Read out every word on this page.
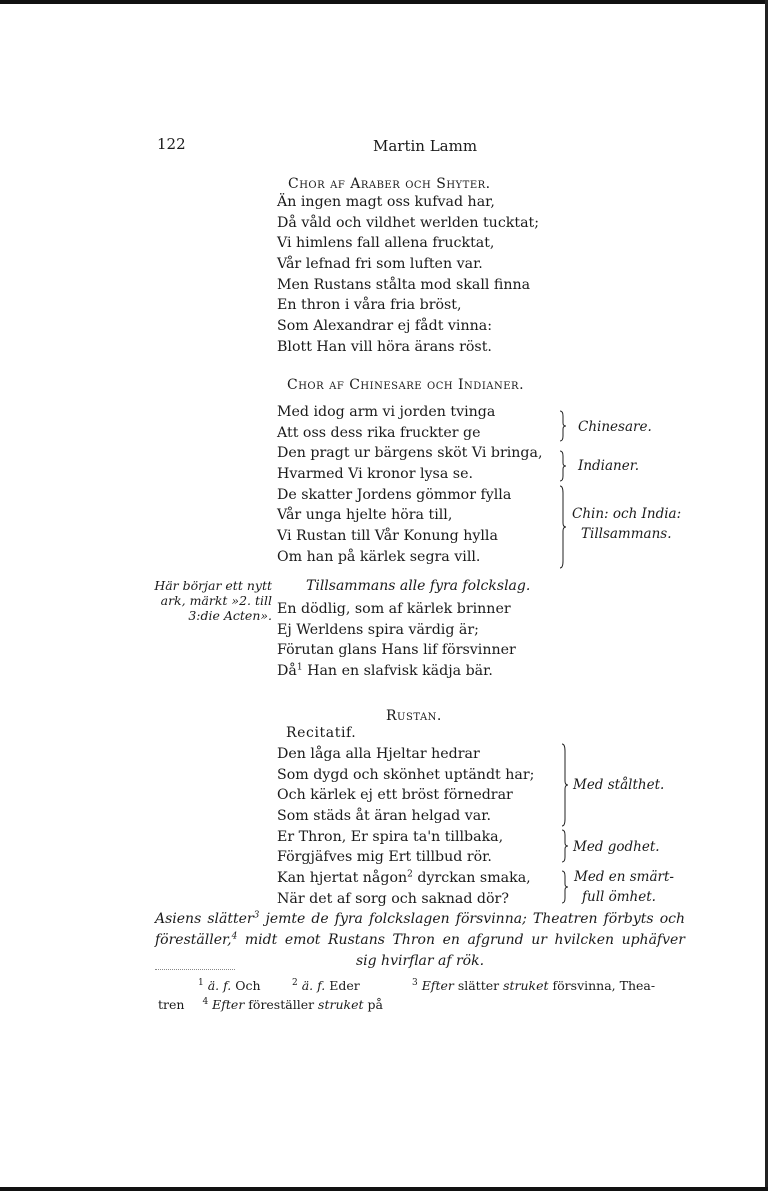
122	Martin Lamm
Chor af Araber och Shyter.
Än ingen magt oss kufvad har,
Då våld och vildhet werlden tucktat;
Vi himlens fall allena frucktat,
Vår lefnad fri som luften var.
Men Rustans stålta mod skall finna
En thron i våra fria bröst,
Som Alexandrar ej fådt vinna:
Blott Han vill höra ärans röst.
Chor af Chinesare och Indianer.
Med idog arm vi jorden tvinga
Att oss dess rika fruckter ge
Den pragt ur bärgens sköt Vi bringa,
Hvarmed Vi kronor lysa se.
De skatter Jordens gömmor fylla
Vår unga hjelte höra till,
Vi Rustan till Vår Konung hylla
Om han på kärlek segra vill.
Chinesare.
Indianer.
Chin: och India:
Tillsammans.
Här börjar ett nytt
ark, märkt »2. till
3:die Acten».
Tillsammans alle fyra folckslag.
En dödlig, som af kärlek brinner
Ej Werldens spira värdig är;
Förutan glans Hans lif försvinner
$Då^1$ Han en slafvisk kädja bär.
Rustan.
Recitatif.
Den låga alla Hjeltar hedrar
Som dygd och skönhet uptändt har;
Och kärlek ej ett bröst förnedrar
Som städs åt äran helgad var.
Er Thron, Er spira ta'n tillbaka,
Förgjäfves mig Ert tillbud rör.
Kan hjertat någon$^2$ dyrckan smaka,
När det af sorg och saknad dör?
Med stålthet.
Med godhet.
Med en smärt-
full ömhet.
Asiens slätter$^3$ jemte de fyra folckslagen försvinna; Theatren förbyts och
föreställer,$^4$ midt emot Rustans Thron en afgrund ur hvilcken uphäfver
sig hvirflar af rök.
$^1$ ä. f. Och	$^2$ ä. f. Eder	$^3$ Efter slätter struket försvinna, Thea-
tren $^4$ Efter föreställer struket på
